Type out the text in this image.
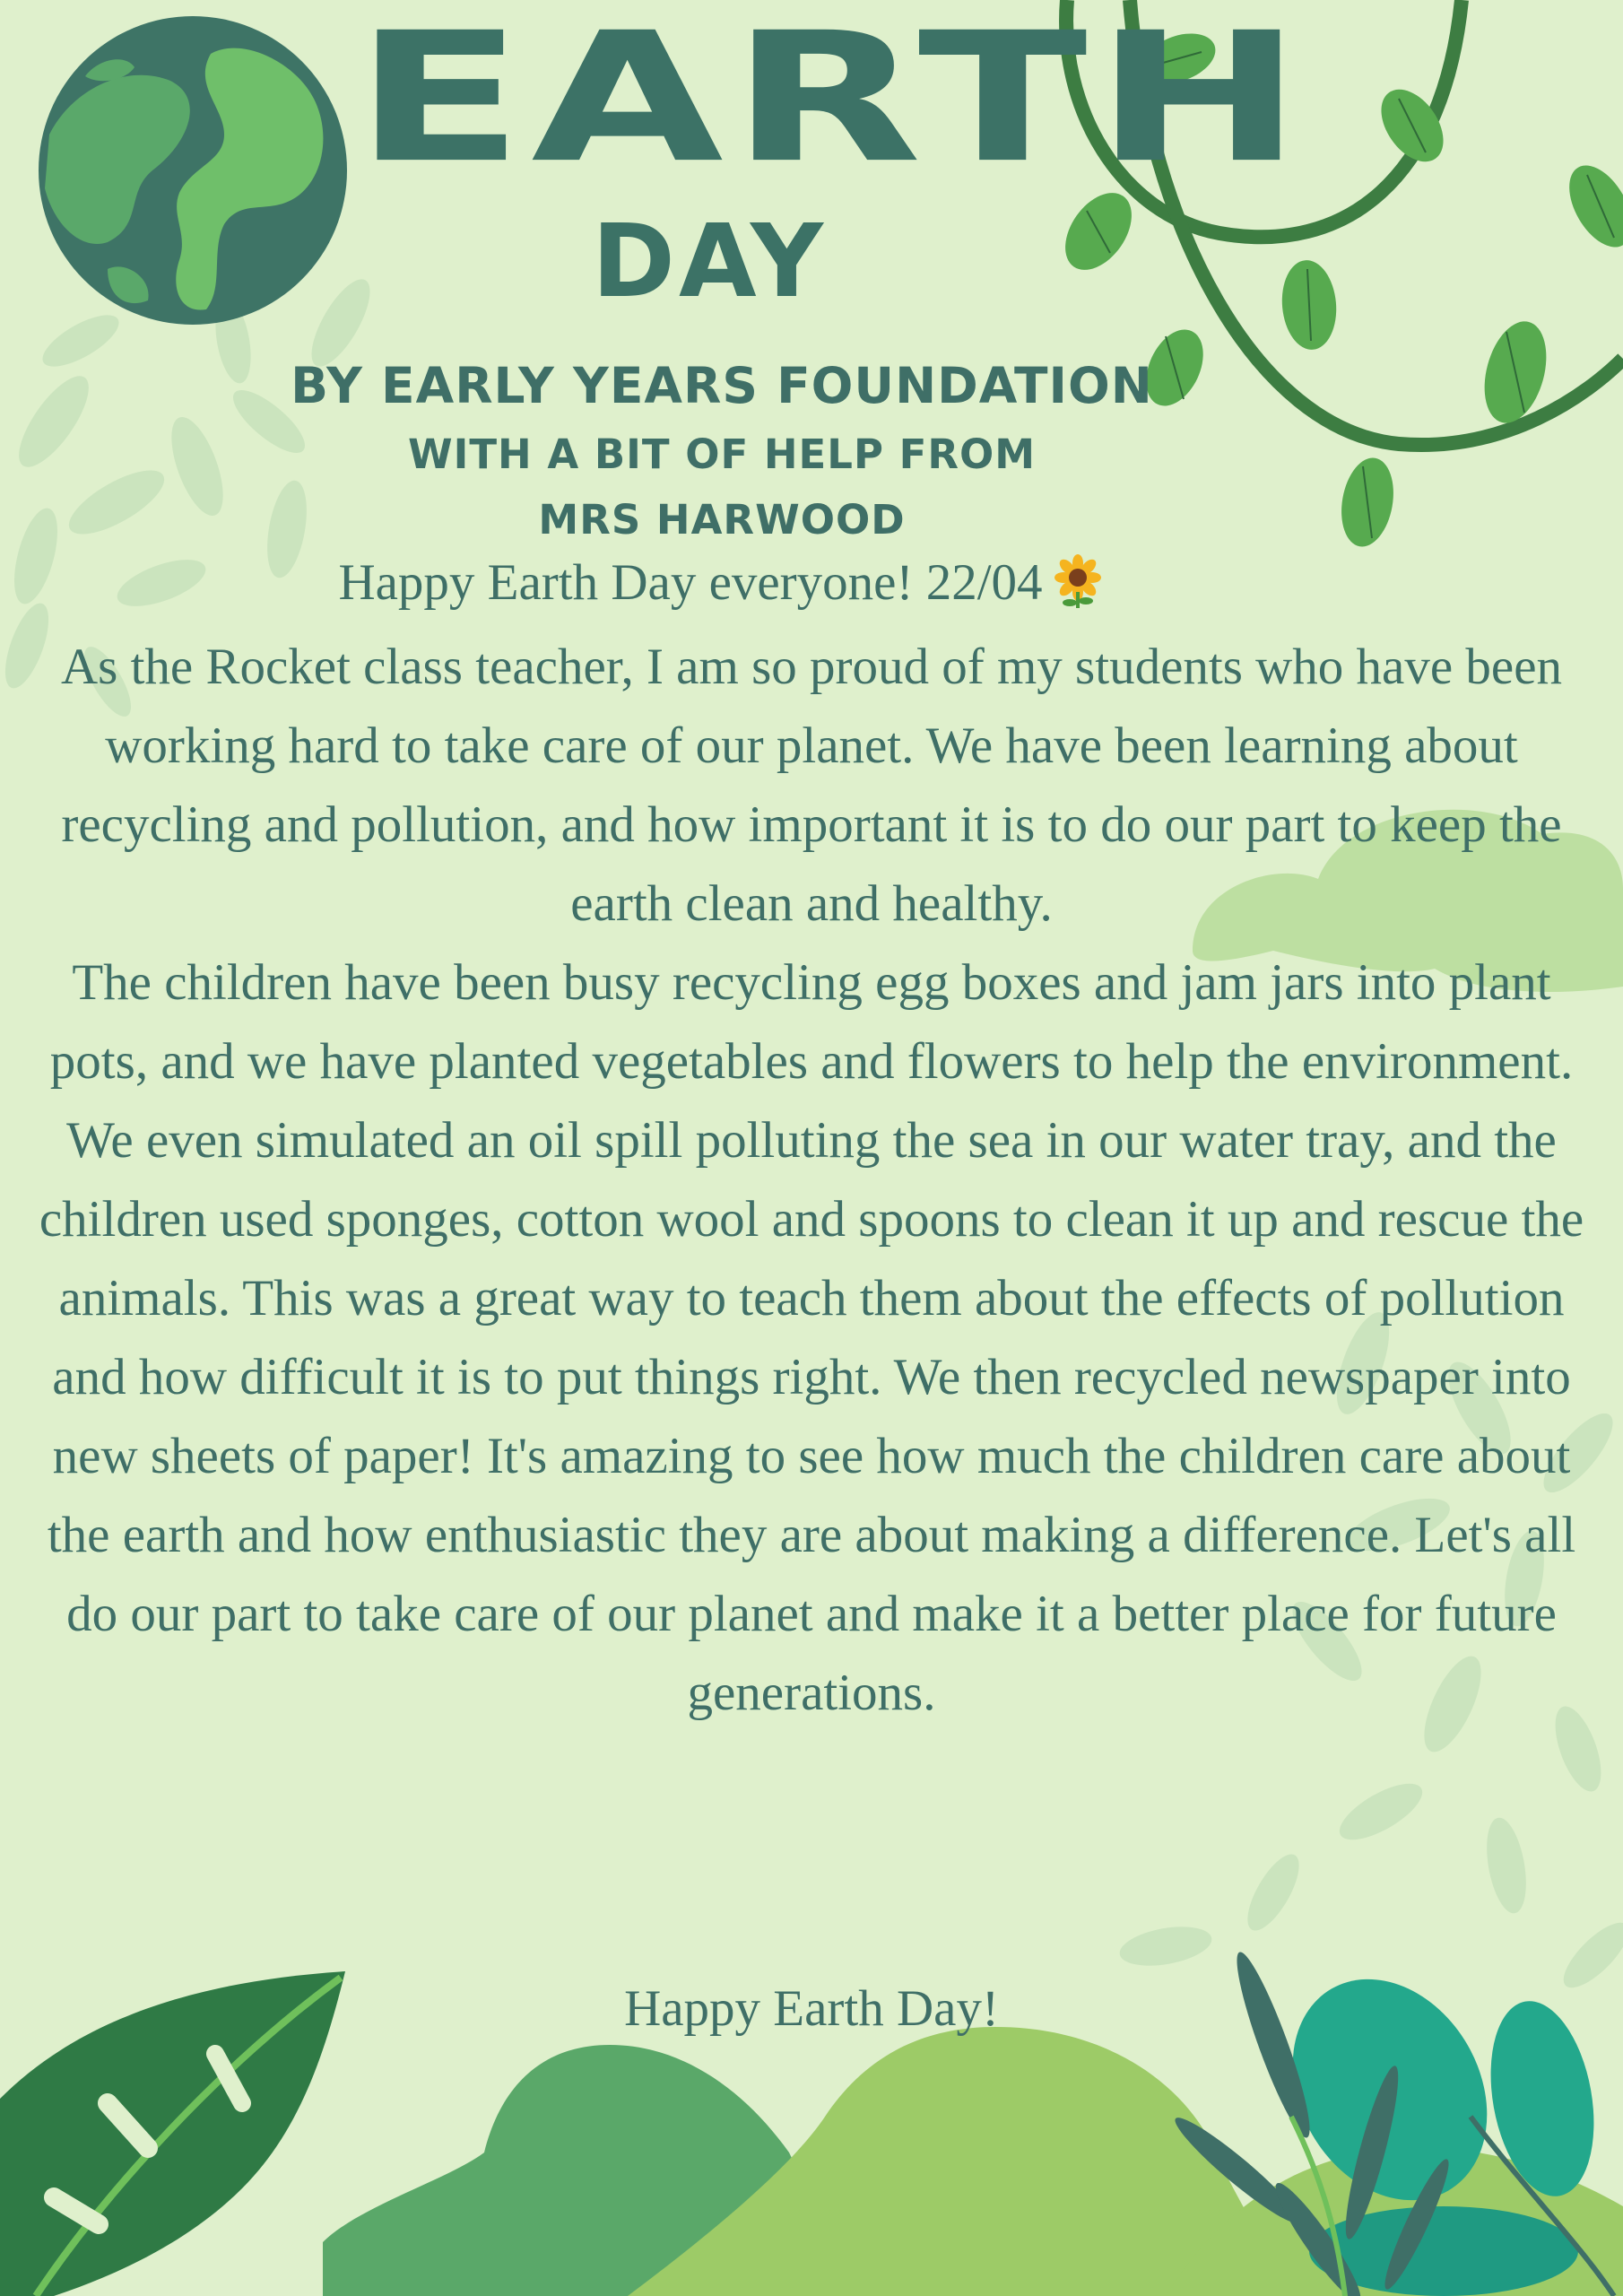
EARTH
DAY
BY EARLY YEARS FOUNDATION
WITH A BIT OF HELP FROM
MRS HARWOOD
Happy Earth Day everyone! 22/04

As the Rocket class teacher, I am so proud of my students who have been working hard to take care of our planet. We have been learning about recycling and pollution, and how important it is to do our part to keep the earth clean and healthy.

The children have been busy recycling egg boxes and jam jars into plant pots, and we have planted vegetables and flowers to help the environment. We even simulated an oil spill polluting the sea in our water tray, and the children used sponges, cotton wool and spoons to clean it up and rescue the animals. This was a great way to teach them about the effects of pollution and how difficult it is to put things right. We then recycled newspaper into new sheets of paper! It's amazing to see how much the children care about the earth and how enthusiastic they are about making a difference. Let's all do our part to take care of our planet and make it a better place for future generations.

Happy Earth Day!
